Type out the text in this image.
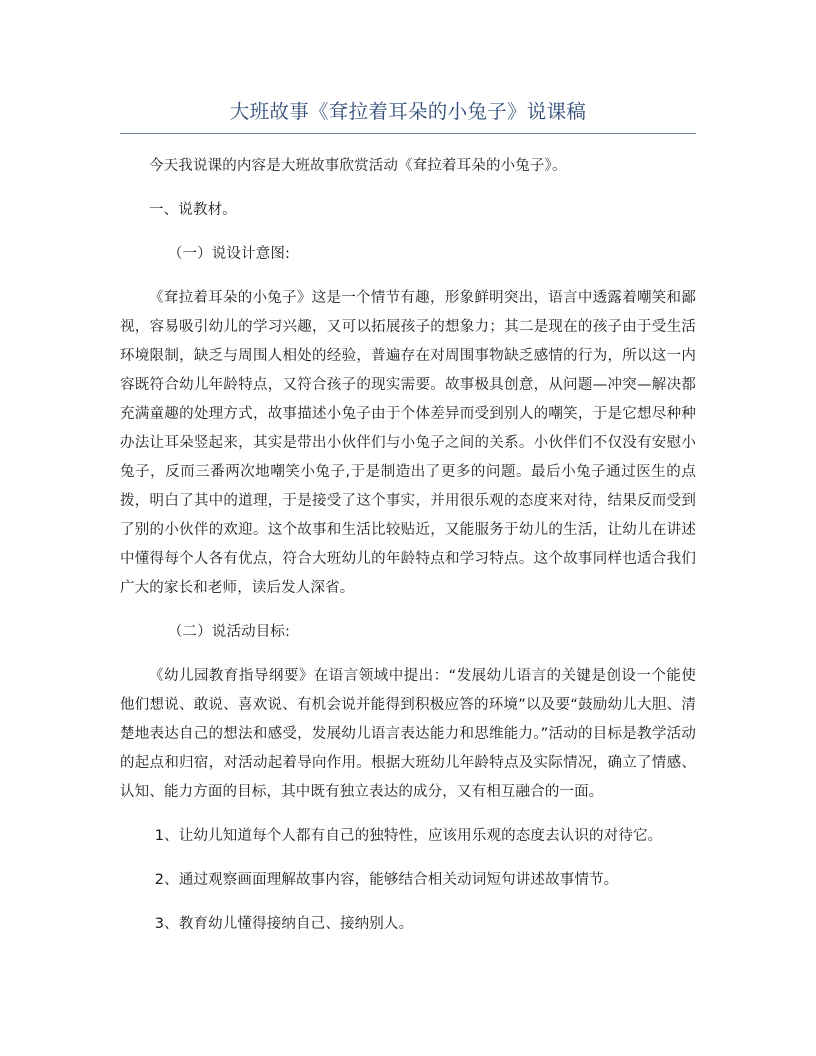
大班故事《耷拉着耳朵的小兔子》说课稿

今天我说课的内容是大班故事欣赏活动《耷拉着耳朵的小兔子》。

一、说教材。

（一）说设计意图:

《耷拉着耳朵的小兔子》这是一个情节有趣，形象鲜明突出，语言中透露着嘲笑和鄙视，容易吸引幼儿的学习兴趣，又可以拓展孩子的想象力；其二是现在的孩子由于受生活环境限制，缺乏与周围人相处的经验，普遍存在对周围事物缺乏感情的行为，所以这一内容既符合幼儿年龄特点，又符合孩子的现实需要。故事极具创意，从问题—冲突—解决都充满童趣的处理方式，故事描述小兔子由于个体差异而受到别人的嘲笑，于是它想尽种种办法让耳朵竖起来，其实是带出小伙伴们与小兔子之间的关系。小伙伴们不仅没有安慰小兔子，反而三番两次地嘲笑小兔子,于是制造出了更多的问题。最后小兔子通过医生的点拨，明白了其中的道理，于是接受了这个事实，并用很乐观的态度来对待，结果反而受到了别的小伙伴的欢迎。这个故事和生活比较贴近，又能服务于幼儿的生活，让幼儿在讲述中懂得每个人各有优点，符合大班幼儿的年龄特点和学习特点。这个故事同样也适合我们广大的家长和老师，读后发人深省。

（二）说活动目标:

《幼儿园教育指导纲要》在语言领域中提出：“发展幼儿语言的关键是创设一个能使他们想说、敢说、喜欢说、有机会说并能得到积极应答的环境”以及要“鼓励幼儿大胆、清楚地表达自己的想法和感受，发展幼儿语言表达能力和思维能力。”活动的目标是教学活动的起点和归宿，对活动起着导向作用。根据大班幼儿年龄特点及实际情况，确立了情感、认知、能力方面的目标，其中既有独立表达的成分，又有相互融合的一面。

1、让幼儿知道每个人都有自己的独特性，应该用乐观的态度去认识的对待它。

2、通过观察画面理解故事内容，能够结合相关动词短句讲述故事情节。

3、教育幼儿懂得接纳自己、接纳别人。
